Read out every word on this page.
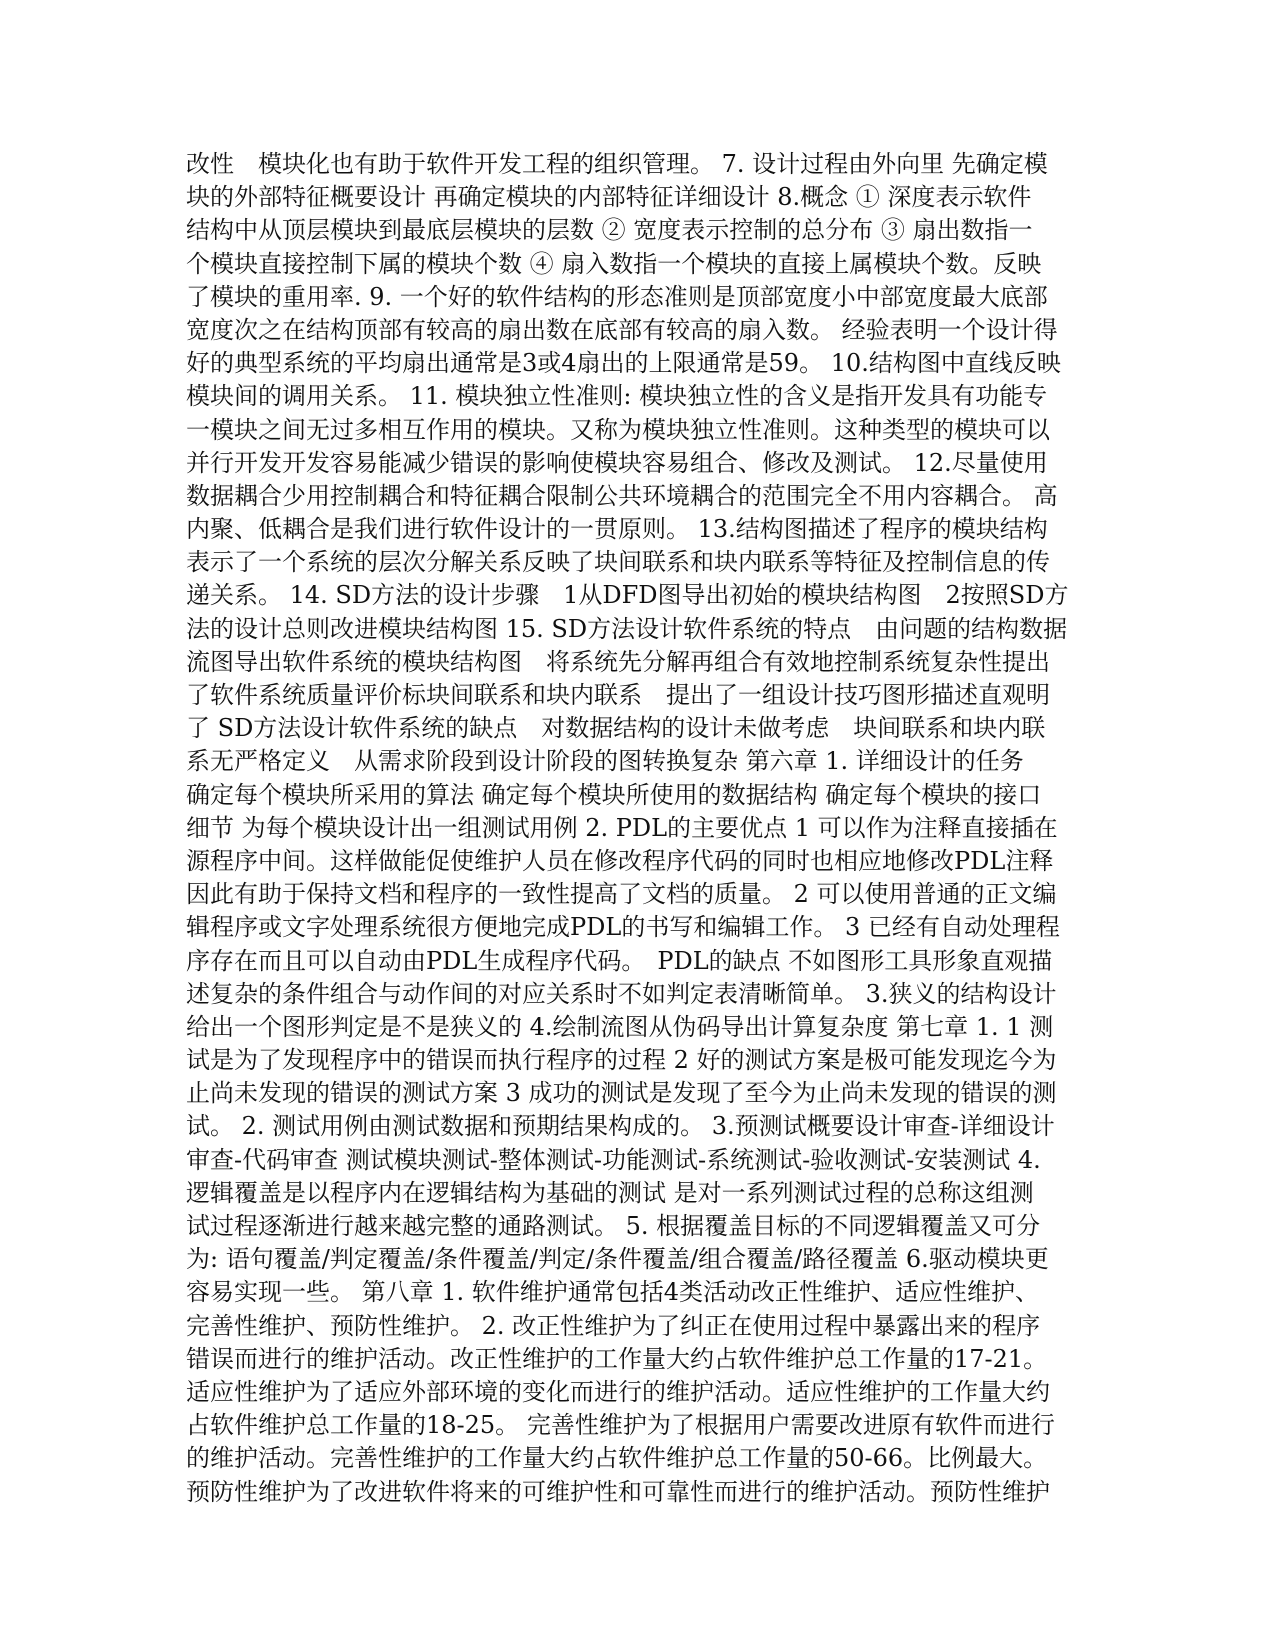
改性　模块化也有助于软件开发工程的组织管理。 7. 设计过程由外向里 先确定模
块的外部特征概要设计 再确定模块的内部特征详细设计 8.概念 ① 深度表示软件
结构中从顶层模块到最底层模块的层数 ② 宽度表示控制的总分布 ③ 扇出数指一
个模块直接控制下属的模块个数 ④ 扇入数指一个模块的直接上属模块个数。反映
了模块的重用率. 9. 一个好的软件结构的形态准则是顶部宽度小中部宽度最大底部
宽度次之在结构顶部有较高的扇出数在底部有较高的扇入数。 经验表明一个设计得
好的典型系统的平均扇出通常是3或4扇出的上限通常是59。 10.结构图中直线反映
模块间的调用关系。 11. 模块独立性准则: 模块独立性的含义是指开发具有功能专
一模块之间无过多相互作用的模块。又称为模块独立性准则。这种类型的模块可以
并行开发开发容易能减少错误的影响使模块容易组合、修改及测试。 12.尽量使用
数据耦合少用控制耦合和特征耦合限制公共环境耦合的范围完全不用内容耦合。 高
内聚、低耦合是我们进行软件设计的一贯原则。 13.结构图描述了程序的模块结构
表示了一个系统的层次分解关系反映了块间联系和块内联系等特征及控制信息的传
递关系。 14. SD方法的设计步骤　1从DFD图导出初始的模块结构图　2按照SD方
法的设计总则改进模块结构图 15. SD方法设计软件系统的特点　由问题的结构数据
流图导出软件系统的模块结构图　将系统先分解再组合有效地控制系统复杂性提出
了软件系统质量评价标块间联系和块内联系　提出了一组设计技巧图形描述直观明
了 SD方法设计软件系统的缺点　对数据结构的设计未做考虑　块间联系和块内联
系无严格定义　从需求阶段到设计阶段的图转换复杂 第六章 1. 详细设计的任务
确定每个模块所采用的算法 确定每个模块所使用的数据结构 确定每个模块的接口
细节 为每个模块设计出一组测试用例 2. PDL的主要优点 1 可以作为注释直接插在
源程序中间。这样做能促使维护人员在修改程序代码的同时也相应地修改PDL注释
因此有助于保持文档和程序的一致性提高了文档的质量。 2 可以使用普通的正文编
辑程序或文字处理系统很方便地完成PDL的书写和编辑工作。 3 已经有自动处理程
序存在而且可以自动由PDL生成程序代码。　PDL的缺点 不如图形工具形象直观描
述复杂的条件组合与动作间的对应关系时不如判定表清晰简单。 3.狭义的结构设计
给出一个图形判定是不是狭义的 4.绘制流图从伪码导出计算复杂度 第七章 1. 1 测
试是为了发现程序中的错误而执行程序的过程 2 好的测试方案是极可能发现迄今为
止尚未发现的错误的测试方案 3 成功的测试是发现了至今为止尚未发现的错误的测
试。 2. 测试用例由测试数据和预期结果构成的。 3.预测试概要设计审查-详细设计
审查-代码审查 测试模块测试-整体测试-功能测试-系统测试-验收测试-安装测试 4.
逻辑覆盖是以程序内在逻辑结构为基础的测试 是对一系列测试过程的总称这组测
试过程逐渐进行越来越完整的通路测试。 5. 根据覆盖目标的不同逻辑覆盖又可分
为: 语句覆盖/判定覆盖/条件覆盖/判定/条件覆盖/组合覆盖/路径覆盖 6.驱动模块更
容易实现一些。 第八章 1. 软件维护通常包括4类活动改正性维护、适应性维护、
完善性维护、预防性维护。 2. 改正性维护为了纠正在使用过程中暴露出来的程序
错误而进行的维护活动。改正性维护的工作量大约占软件维护总工作量的17-21。
适应性维护为了适应外部环境的变化而进行的维护活动。适应性维护的工作量大约
占软件维护总工作量的18-25。 完善性维护为了根据用户需要改进原有软件而进行
的维护活动。完善性维护的工作量大约占软件维护总工作量的50-66。比例最大。
预防性维护为了改进软件将来的可维护性和可靠性而进行的维护活动。预防性维护
